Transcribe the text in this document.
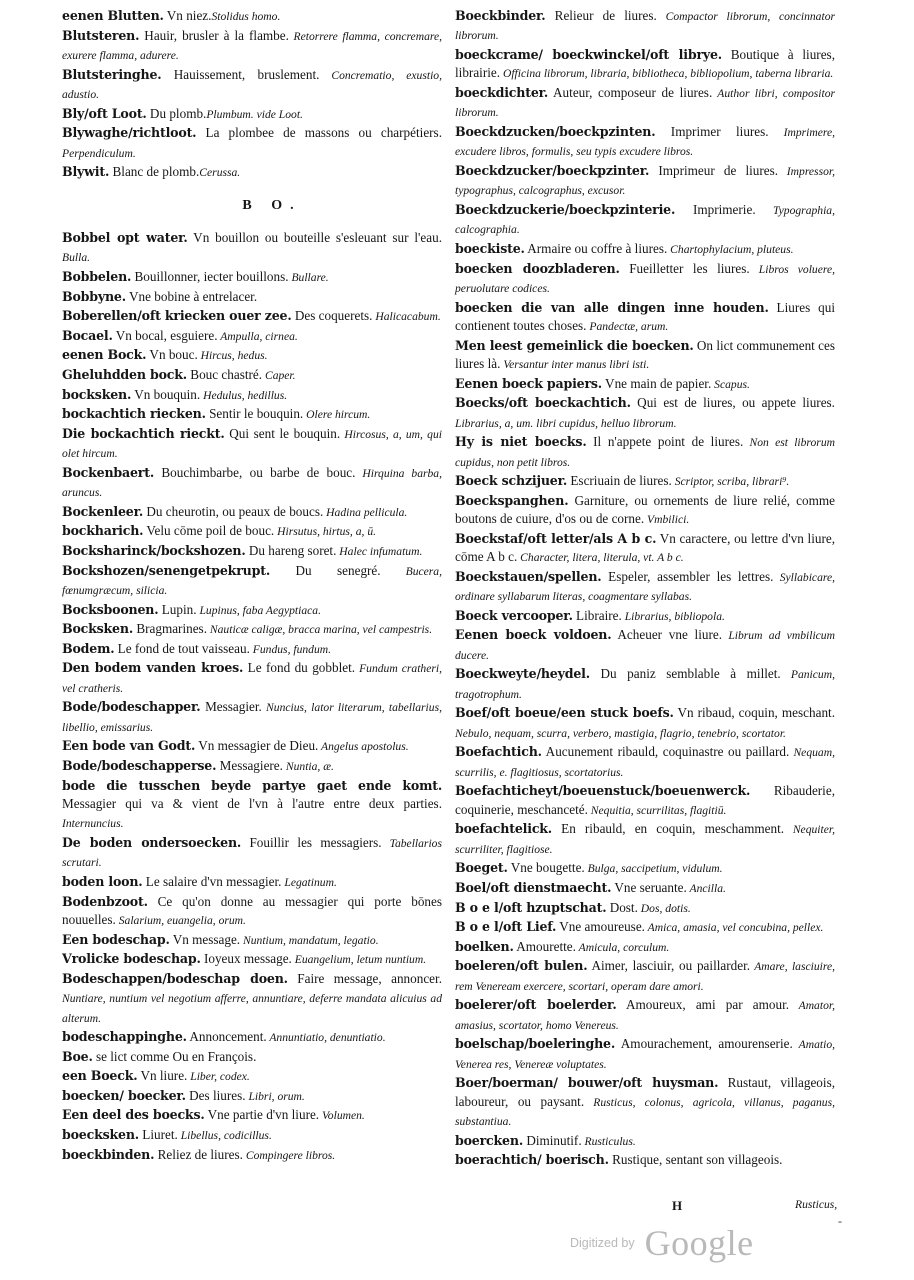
eenen Blutten. Vn niez.Stolidus homo.

Blutsteren. Hauir, brusler à la flambe. Retorrere flamma, concremare, exurere flamma, adurere.

Blutsteringhe. Hauissement, bruslement. Concrematio, exustio, adustio.

Bly/oft Loot. Du plomb.Plumbum. vide Loot.

Blywaghe/richtloot. La plombee de massons ou charpétiers. Perpendiculum.

Blywit. Blanc de plomb.Cerussa.

B O.

Bobbel opt water. Vn bouillon ou bouteille s'esleuant sur l'eau. Bulla.

Bobbelen. Bouillonner, iecter bouillons. Bullare.

Bobbyne. Vne bobine à entrelacer.

Boberellen/oft kriecken ouer zee. Des coquerets. Halicacabum.

Bocael. Vn bocal, esguiere. Ampulla, cirnea.

eenen Bock. Vn bouc. Hircus, hedus.

Gheluhdden bock. Bouc chastré. Caper.

bocksken. Vn bouquin. Hedulus, hedillus.

bockachtich riecken. Sentir le bouquin. Olere hircum.

Die bockachtich rieckt. Qui sent le bouquin. Hircosus, a, um, qui olet hircum.

Bockenbaert. Bouchimbarbe, ou barbe de bouc. Hirquina barba, aruncus.

Bockenleer. Du cheurotin, ou peaux de boucs. Hadina pellicula.

bockharich. Velu cōme poil de bouc. Hirsutus, hirtus, a, ū.

Bocksharinck/bockshozen. Du hareng soret. Halec infumatum.

Bockshozen/senengetpekrupt. Du senegré. Bucera, fœnumgræcum, silicia.

Bocksboonen. Lupin. Lupinus, faba Aegyptiaca.

Bocksken. Bragmarines. Nauticæ caligæ, bracca marina, vel campestris.

Bodem. Le fond de tout vaisseau. Fundus, fundum.

Den bodem vanden kroes. Le fond du gobblet. Fundum cratheri, vel cratheris.

Bode/bodeschapper. Messagier. Nuncius, lator literarum, tabellarius, libellio, emissarius.

Een bode van Godt. Vn messagier de Dieu. Angelus apostolus.

Bode/bodeschapperse. Messagiere. Nuntia, æ.

bode die tusschen beyde partye gaet ende komt. Messagier qui va & vient de l'vn à l'autre entre deux parties. Internuncius.

De boden ondersoecken. Fouillir les messagiers. Tabellarios scrutari.

boden loon. Le salaire d'vn messagier. Legatinum.

Bodenbzoot. Ce qu'on donne au messagier qui porte bōnes nouuelles. Salarium, euangelia, orum.

Een bodeschap. Vn message. Nuntium, mandatum, legatio.

Vrolicke bodeschap. Ioyeux message. Euangelium, letum nuntium.

Bodeschappen/bodeschap doen. Faire message, annoncer. Nuntiare, nuntium vel negotium afferre, annuntiare, deferre mandata alicuius ad alterum.

bodeschappinghe. Annoncement. Annuntiatio, denuntiatio.

Boe. se lict comme Ou en François.

een Boeck. Vn liure. Liber, codex.

boecken/ boecker. Des liures. Libri, orum.

Een deel des boecks. Vne partie d'vn liure. Volumen.

boecksken. Liuret. Libellus, codicillus.

boeckbinden. Reliez de liures. Compingere libros.

Boeckbinder. Relieur de liures. Compactor librorum, concinnator librorum.

boeckcrame/ boeckwinckel/oft librye. Boutique à liures, librairie. Officina librorum, libraria, bibliotheca, bibliopolium, taberna libraria.

boeckdichter. Auteur, composeur de liures. Author libri, compositor librorum.

Boeckdzucken/boeckpzinten. Imprimer liures. Imprimere, excudere libros, formulis, seu typis excudere libros.

Boeckdzucker/boeckpzinter. Imprimeur de liures. Impressor, typographus, calcographus, excusor.

Boeckdzuckerie/boeckpzinterie. Imprimerie. Typographia, calcographia.

boeckiste. Armaire ou coffre à liures. Chartophylacium, pluteus.

boecken doozbladeren. Fueilletter les liures. Libros voluere, peruolutare codices.

boecken die van alle dingen inne houden. Liures qui contienent toutes choses. Pandectæ, arum.

Men leest gemeinlick die boecken. On lict communement ces liures là. Versantur inter manus libri isti.

Eenen boeck papiers. Vne main de papier. Scapus.

Boecks/oft boeckachtich. Qui est de liures, ou appete liures. Librarius, a, um. libri cupidus, helluo librorum.

Hy is niet boecks. Il n'appete point de liures. Non est librorum cupidus, non petit libros.

Boeck schzijuer. Escriuain de liures. Scriptor, scriba, librari⁹.

Boeckspanghen. Garniture, ou ornements de liure relié, comme boutons de cuiure, d'os ou de corne. Vmbilici.

Boeckstaf/oft letter/als A b c. Vn caractere, ou lettre d'vn liure, cōme A b c. Character, litera, literula, vt. A b c.

Boeckstauen/spellen. Espeler, assembler les lettres. Syllabicare, ordinare syllabarum literas, coagmentare syllabas.

Boeck vercooper. Libraire. Librarius, bibliopola.

Eenen boeck voldoen. Acheuer vne liure. Librum ad vmbilicum ducere.

Boeckweyte/heydel. Du paniz semblable à millet. Panicum, tragotrophum.

Boef/oft boeue/een stuck boefs. Vn ribaud, coquin, meschant. Nebulo, nequam, scurra, verbero, mastigia, flagrio, tenebrio, scortator.

Boefachtich. Aucunement ribauld, coquinastre ou paillard. Nequam, scurrilis, e. flagitiosus, scortatorius.

Boefachticheyt/boeuenstuck/boeuenwerck. Ribauderie, coquinerie, meschanceté. Nequitia, scurrilitas, flagitiū.

boefachtelick. En ribauld, en coquin, meschamment. Nequiter, scurriliter, flagitiose.

Boeget. Vne bougette. Bulga, saccipetium, vidulum.

Boel/oft dienstmaecht. Vne seruante. Ancilla.

B o e l/oft hzuptschat. Dost. Dos, dotis.

B o e l/oft Lief. Vne amoureuse. Amica, amasia, vel concubina, pellex.

boelken. Amourette. Amicula, corculum.

boeleren/oft bulen. Aimer, lasciuir, ou paillarder. Amare, lasciuire, rem Veneream exercere, scortari, operam dare amori.

boelerer/oft boelerder. Amoureux, ami par amour. Amator, amasius, scortator, homo Venereus.

boelschap/boeleringhe. Amourachement, amourenserie. Amatio, Venerea res, Venereæ voluptates.

Boer/boerman/ bouwer/oft huysman. Rustaut, villageois, laboureur, ou paysant. Rusticus, colonus, agricola, villanus, paganus, substantiua.

boercken. Diminutif. Rusticulus.

boerachtich/ boerisch. Rustique, sentant son villageois.

H	Rusticus,
-
$^{Digitized by}$ Google
